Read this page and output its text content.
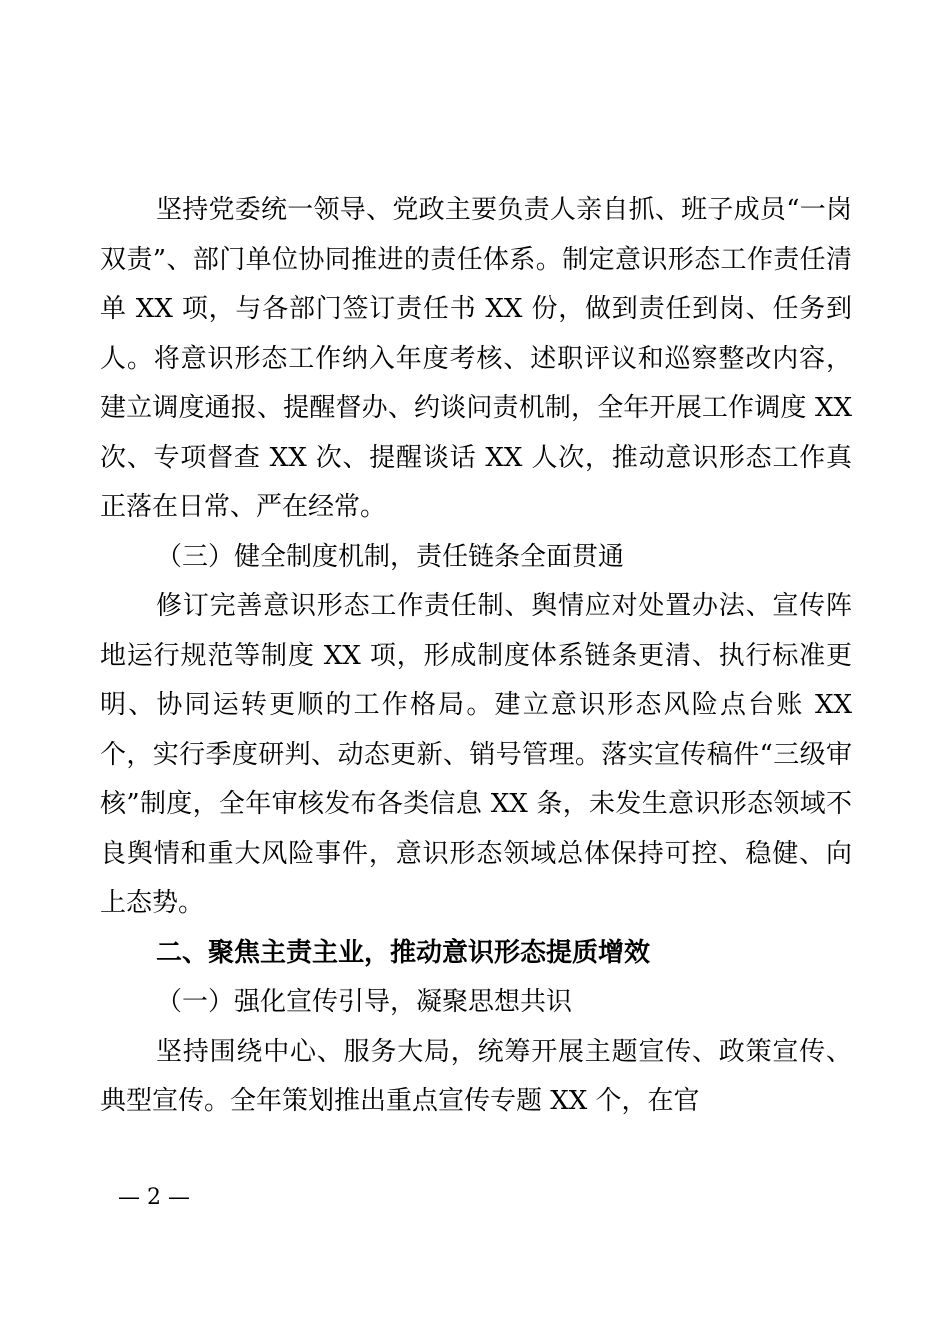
坚持党委统一领导、党政主要负责人亲自抓、班子成员“一岗双责”、部门单位协同推进的责任体系。制定意识形态工作责任清单 XX 项，与各部门签订责任书 XX 份，做到责任到岗、任务到人。将意识形态工作纳入年度考核、述职评议和巡察整改内容，建立调度通报、提醒督办、约谈问责机制，全年开展工作调度 XX 次、专项督查 XX 次、提醒谈话 XX 人次，推动意识形态工作真正落在日常、严在经常。

（三）健全制度机制，责任链条全面贯通

修订完善意识形态工作责任制、舆情应对处置办法、宣传阵地运行规范等制度 XX 项，形成制度体系链条更清、执行标准更明、协同运转更顺的工作格局。建立意识形态风险点台账 XX 个，实行季度研判、动态更新、销号管理。落实宣传稿件“三级审核”制度，全年审核发布各类信息 XX 条，未发生意识形态领域不良舆情和重大风险事件，意识形态领域总体保持可控、稳健、向上态势。

二、聚焦主责主业，推动意识形态提质增效

（一）强化宣传引导，凝聚思想共识

坚持围绕中心、服务大局，统筹开展主题宣传、政策宣传、典型宣传。全年策划推出重点宣传专题 XX 个，在官

— 2 —
